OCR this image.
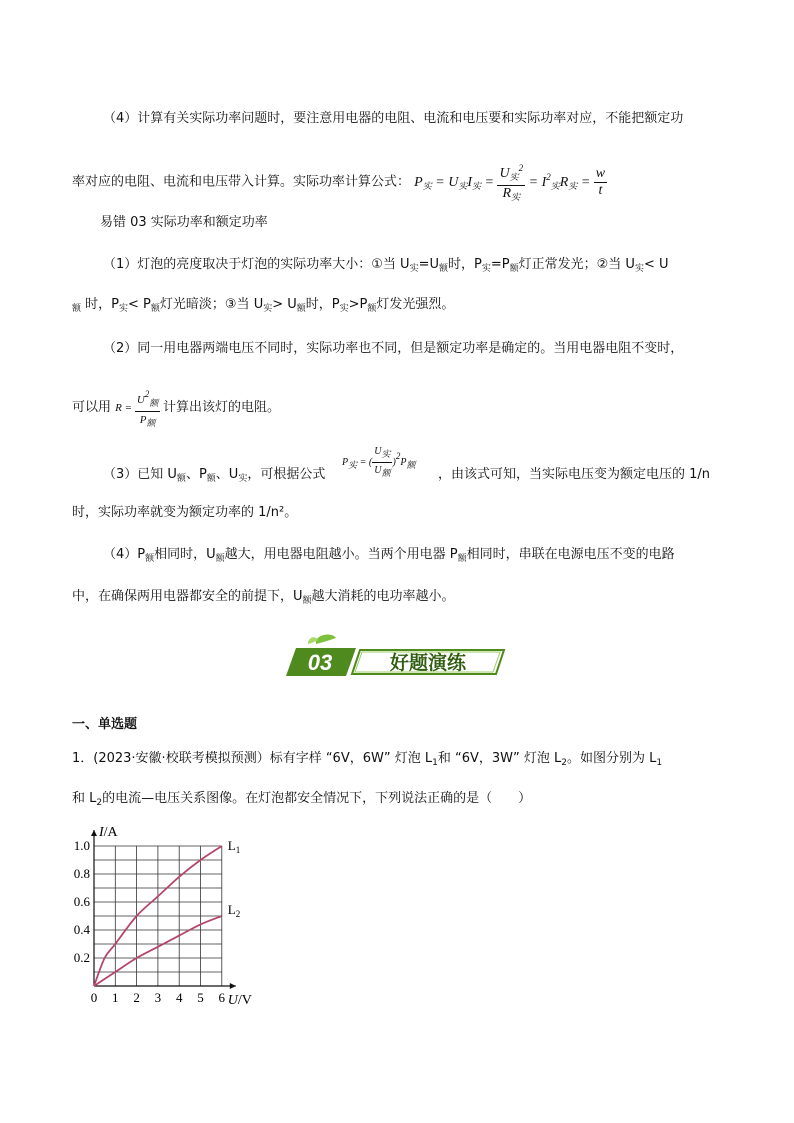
（4）计算有关实际功率问题时，要注意用电器的电阻、电流和电压要和实际功率对应，不能把额定功
率对应的电阻、电流和电压带入计算。实际功率计算公式： $P_实 = U_实I_实 = \frac{U_实^2}{R_实} = I^2_实R_实 = \frac{w}{t}$
易错 03 实际功率和额定功率
（1）灯泡的亮度取决于灯泡的实际功率大小：①当 $U_实=U_额$时，$P_实=P_额$灯正常发光；②当 $U_实< U$
$_额$ 时，$P_实< P_额$灯光暗淡；③当 $U_实> U_额$时，$P_实>P_额$灯发光强烈。
（2）同一用电器两端电压不同时，实际功率也不同，但是额定功率是确定的。当用电器电阻不变时，
可以用 $R = \frac{U^2_额}{P_额}$ 计算出该灯的电阻。
（3）已知 $U_额$、$P_额$、$U_实$，可根据公式
$P_实$ = ( $\frac{U_实}{U_额} )^2P_额$
，由该式可知，当实际电压变为额定电压的 1/n
时，实际功率就变为额定功率的 1/n²。
$(4)P_额$相同时，$U_额$越大，用电器电阻越小。当两个用电器 $P_额$相同时，串联在电源电压不变的电路
中，在确保两用电器都安全的前提下，$U_额$越大消耗的电功率越小。
03	好题演练
一、单选题
1．(2023·安徽·校联考模拟预测）标有字样 “6V，6W” 灯泡 $L_1$和 “6V，3W” 灯泡 $L_2$。如图分别为 $L_1$
和 $L_2$的电流—电压关系图像。在灯泡都安全情况下，下列说法正确的是（　　）
0 1 2 3 4 5 6
0.2
0.4
0.6
0.8
1.0
I/A
U/V
$L_1$
$L_2$
